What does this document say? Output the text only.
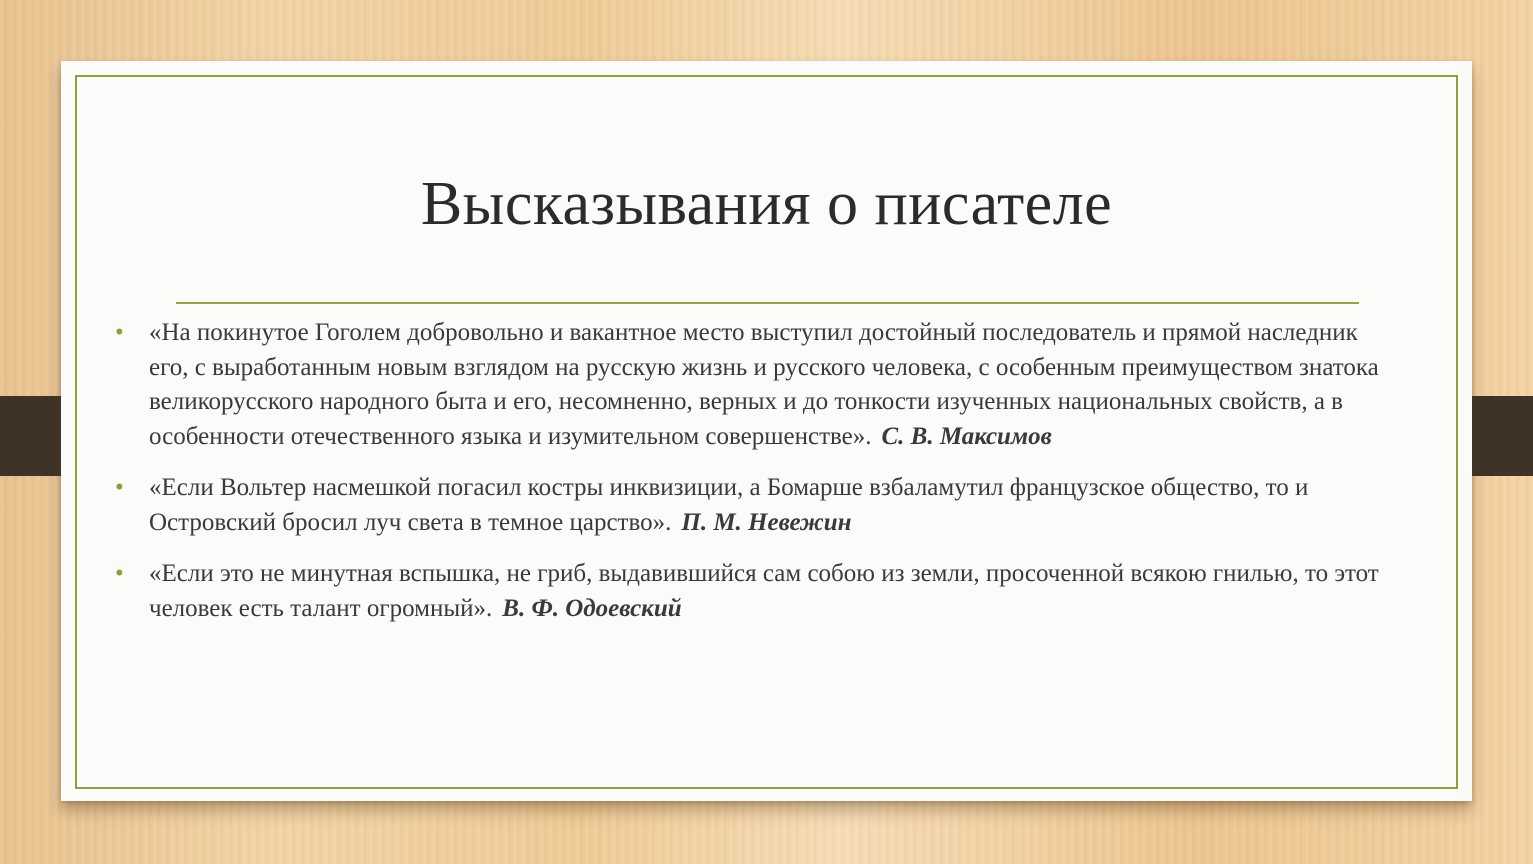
Высказывания о писателе
• «На покинутое Гоголем добровольно и вакантное место выступил достойный последователь и прямой наследник его, с выработанным новым взглядом на русскую жизнь и русского человека, с особенным преимуществом знатока великорусского народного быта и его, несомненно, верных и до тонкости изученных национальных свойств, а в особенности отечественного языка и изумительном совершенстве». С. В. Максимов
• «Если Вольтер насмешкой погасил костры инквизиции, а Бомарше взбаламутил французское общество, то и Островский бросил луч света в темное царство». П. М. Невежин
• «Если это не минутная вспышка, не гриб, выдавившийся сам собою из земли, просоченной всякою гнилью, то этот человек есть талант огромный». В. Ф. Одоевский
